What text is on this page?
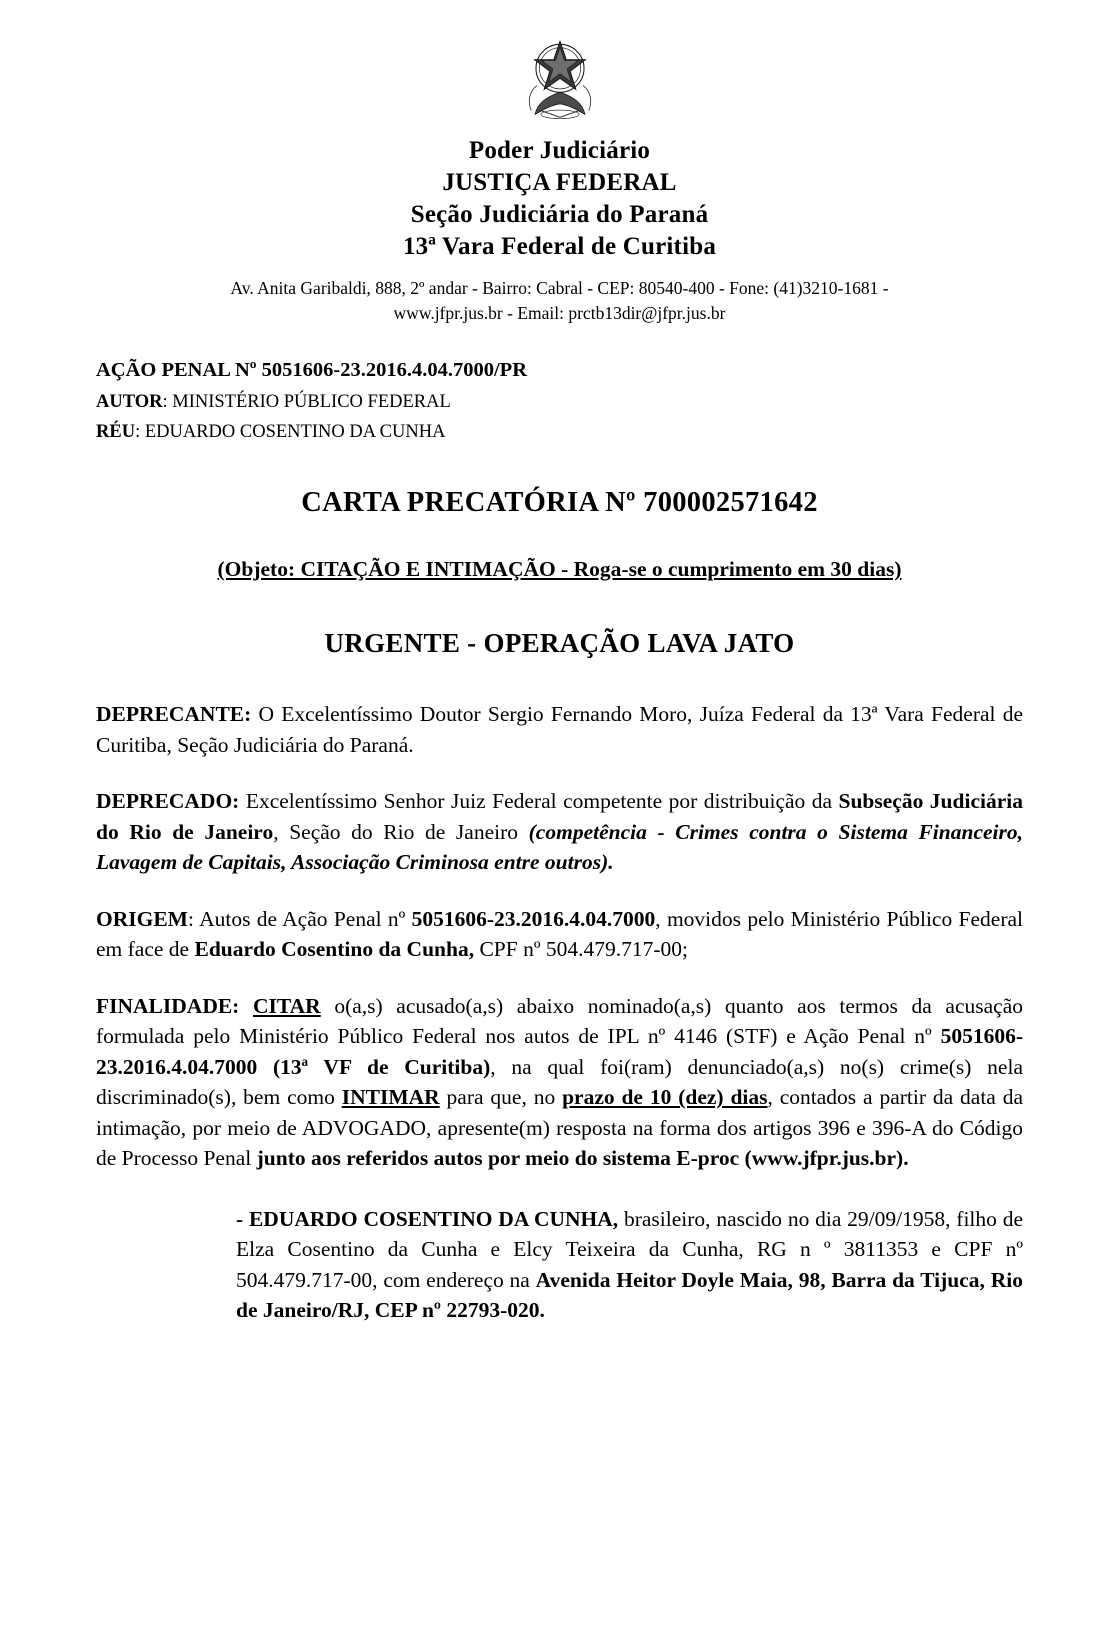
Poder Judiciário
JUSTIÇA FEDERAL
Seção Judiciária do Paraná
13ª Vara Federal de Curitiba
Av. Anita Garibaldi, 888, 2º andar - Bairro: Cabral - CEP: 80540-400 - Fone: (41)3210-1681 -
www.jfpr.jus.br - Email: prctb13dir@jfpr.jus.br
AÇÃO PENAL Nº 5051606-23.2016.4.04.7000/PR
AUTOR: MINISTÉRIO PÚBLICO FEDERAL
RÉU: EDUARDO COSENTINO DA CUNHA
CARTA PRECATÓRIA Nº 700002571642
(Objeto: CITAÇÃO E INTIMAÇÃO - Roga-se o cumprimento em 30 dias)
URGENTE - OPERAÇÃO LAVA JATO

DEPRECANTE: O Excelentíssimo Doutor Sergio Fernando Moro, Juíza Federal da 13ª Vara Federal de Curitiba, Seção Judiciária do Paraná.

DEPRECADO: Excelentíssimo Senhor Juiz Federal competente por distribuição da Subseção Judiciária do Rio de Janeiro, Seção do Rio de Janeiro (competência - Crimes contra o Sistema Financeiro, Lavagem de Capitais, Associação Criminosa entre outros).

ORIGEM: Autos de Ação Penal nº 5051606-23.2016.4.04.7000, movidos pelo Ministério Público Federal em face de Eduardo Cosentino da Cunha, CPF nº 504.479.717-00;

FINALIDADE: CITAR o(a,s) acusado(a,s) abaixo nominado(a,s) quanto aos termos da acusação formulada pelo Ministério Público Federal nos autos de IPL nº 4146 (STF) e Ação Penal nº 5051606-23.2016.4.04.7000 (13ª VF de Curitiba), na qual foi(ram) denunciado(a,s) no(s) crime(s) nela discriminado(s), bem como INTIMAR para que, no prazo de 10 (dez) dias, contados a partir da data da intimação, por meio de ADVOGADO, apresente(m) resposta na forma dos artigos 396 e 396-A do Código de Processo Penal junto aos referidos autos por meio do sistema E-proc (www.jfpr.jus.br).

- EDUARDO COSENTINO DA CUNHA, brasileiro, nascido no dia 29/09/1958, filho de Elza Cosentino da Cunha e Elcy Teixeira da Cunha, RG n º 3811353 e CPF nº 504.479.717-00, com endereço na Avenida Heitor Doyle Maia, 98, Barra da Tijuca, Rio de Janeiro/RJ, CEP nº 22793-020.
